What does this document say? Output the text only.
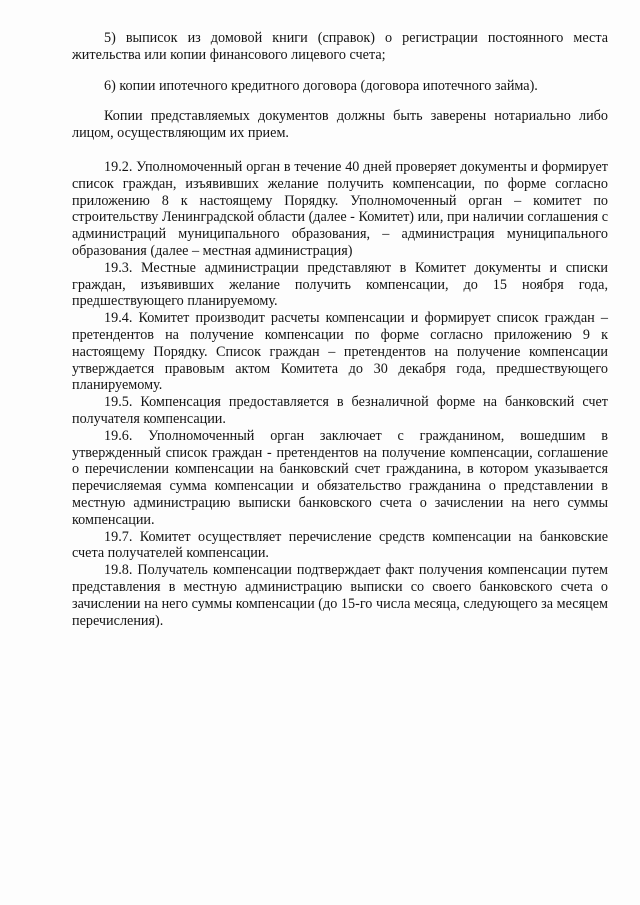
5) выписок из домовой книги (справок) о регистрации постоянного места жительства или копии финансового лицевого счета;

6) копии ипотечного кредитного договора (договора ипотечного займа).

Копии представляемых документов должны быть заверены нотариально либо лицом, осуществляющим их прием.

19.2. Уполномоченный орган в течение 40 дней проверяет документы и формирует список граждан, изъявивших желание получить компенсации, по форме согласно приложению 8 к настоящему Порядку. Уполномоченный орган – комитет по строительству Ленинградской области (далее - Комитет) или, при наличии соглашения с администраций муниципального образования, – администрация муниципального образования (далее – местная администрация)

19.3. Местные администрации представляют в Комитет документы и списки граждан, изъявивших желание получить компенсации, до 15 ноября года, предшествующего планируемому.

19.4. Комитет производит расчеты компенсации и формирует список граждан – претендентов на получение компенсации по форме согласно приложению 9 к настоящему Порядку. Список граждан – претендентов на получение компенсации утверждается правовым актом Комитета до 30 декабря года, предшествующего планируемому.

19.5. Компенсация предоставляется в безналичной форме на банковский счет получателя компенсации.

19.6. Уполномоченный орган заключает с гражданином, вошедшим в утвержденный список граждан - претендентов на получение компенсации, соглашение о перечислении компенсации на банковский счет гражданина, в котором указывается перечисляемая сумма компенсации и обязательство гражданина о представлении в местную администрацию выписки банковского счета о зачислении на него суммы компенсации.

19.7. Комитет осуществляет перечисление средств компенсации на банковские счета получателей компенсации.

19.8. Получатель компенсации подтверждает факт получения компенсации путем представления в местную администрацию выписки со своего банковского счета о зачислении на него суммы компенсации (до 15-го числа месяца, следующего за месяцем перечисления).
